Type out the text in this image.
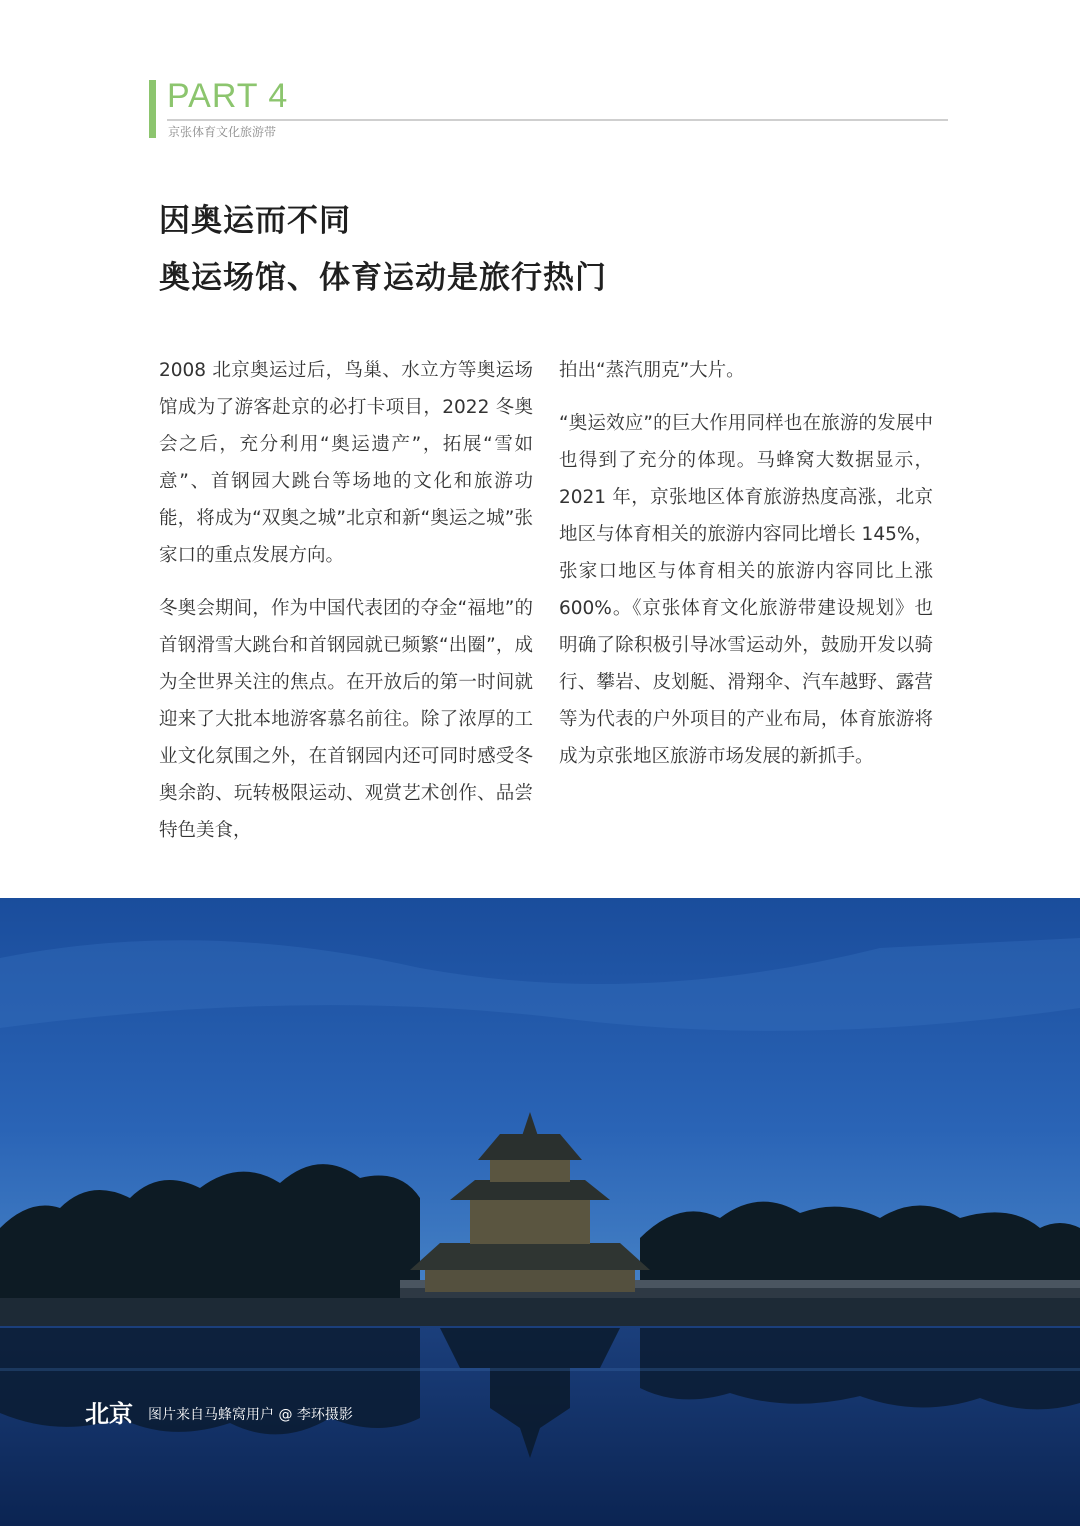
PART 4
京张体育文化旅游带
因奥运而不同
奥运场馆、体育运动是旅行热门

2008 北京奥运过后，鸟巢、水立方等奥运场馆成为了游客赴京的必打卡项目，2022 冬奥会之后，充分利用“奥运遗产”，拓展“雪如意”、首钢园大跳台等场地的文化和旅游功能，将成为“双奥之城”北京和新“奥运之城”张家口的重点发展方向。

冬奥会期间，作为中国代表团的夺金“福地”的首钢滑雪大跳台和首钢园就已频繁“出圈”，成为全世界关注的焦点。在开放后的第一时间就迎来了大批本地游客慕名前往。除了浓厚的工业文化氛围之外，在首钢园内还可同时感受冬奥余韵、玩转极限运动、观赏艺术创作、品尝特色美食，

拍出“蒸汽朋克”大片。

“奥运效应”的巨大作用同样也在旅游的发展中也得到了充分的体现。马蜂窝大数据显示，2021 年，京张地区体育旅游热度高涨，北京地区与体育相关的旅游内容同比增长 145%，张家口地区与体育相关的旅游内容同比上涨 600%。《京张体育文化旅游带建设规划》也明确了除积极引导冰雪运动外，鼓励开发以骑行、攀岩、皮划艇、滑翔伞、汽车越野、露营等为代表的户外项目的产业布局，体育旅游将成为京张地区旅游市场发展的新抓手。

北京 图片来自马蜂窝用户 @ 李环摄影
